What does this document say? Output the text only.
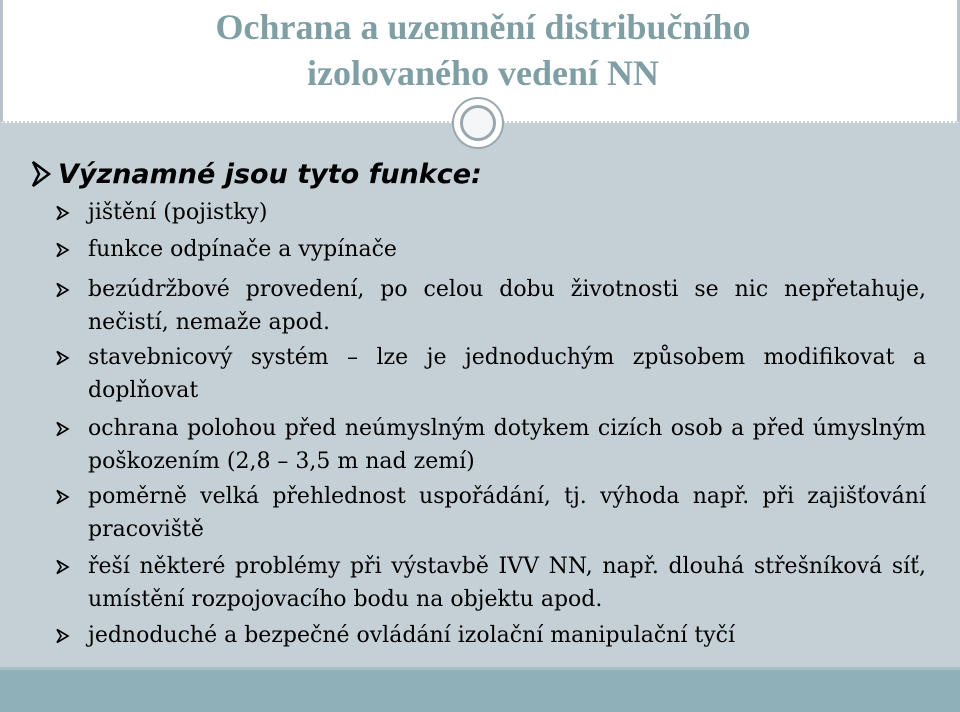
Ochrana a uzemnění distribučního
izolovaného vedení NN
Významné jsou tyto funkce:
jištění (pojistky)
funkce odpínače a vypínače
bezúdržbové provedení, po celou dobu životnosti se nic nepřetahuje, nečistí, nemaže apod.
stavebnicový systém – lze je jednoduchým způsobem modifikovat a doplňovat
ochrana polohou před neúmyslným dotykem cizích osob a před úmyslným poškozením (2,8 – 3,5 m nad zemí)
poměrně velká přehlednost uspořádání, tj. výhoda např. při zajišťování pracoviště
řeší některé problémy při výstavbě IVV NN, např. dlouhá střešníková síť, umístění rozpojovacího bodu na objektu apod.
jednoduché a bezpečné ovládání izolační manipulační tyčí
